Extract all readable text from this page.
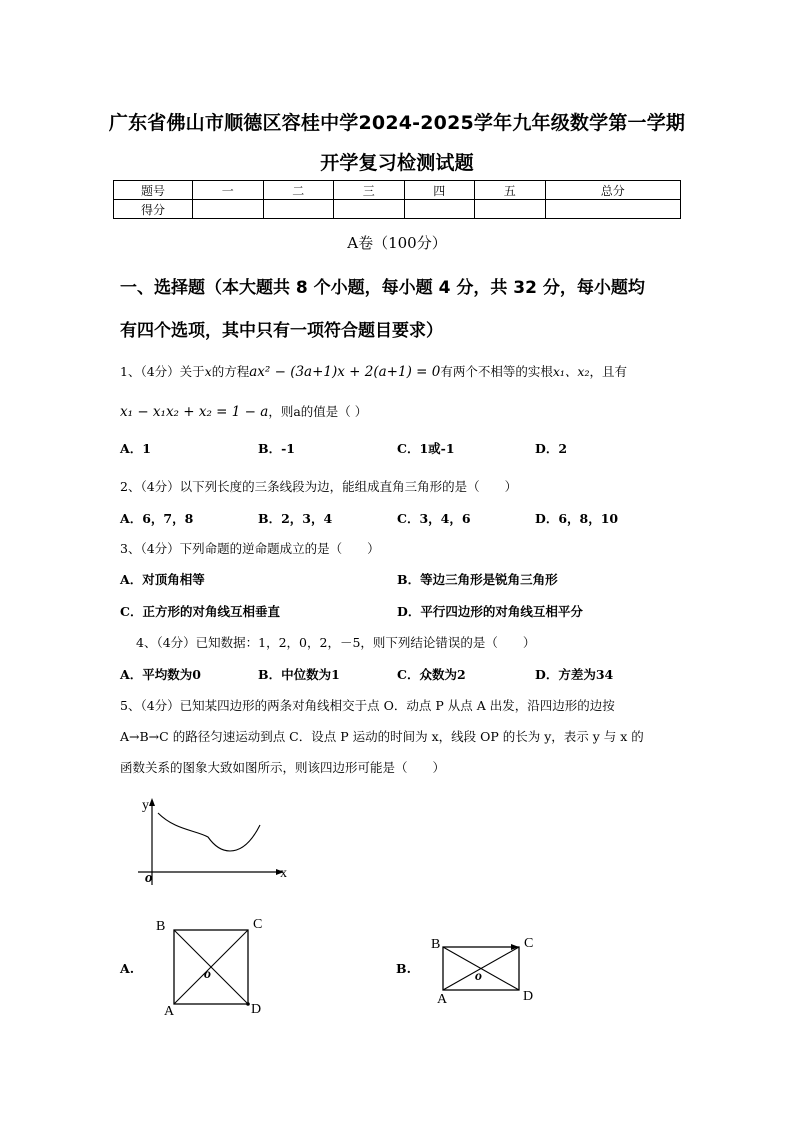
广东省佛山市顺德区容桂中学2024-2025学年九年级数学第一学期
开学复习检测试题
题号	一	二	三	四	五	总分
得分						
A卷（100分）
一、选择题（本大题共 8 个小题，每小题 4 分，共 32 分，每小题均
有四个选项，其中只有一项符合题目要求）
1、（4分）关于x的方程ax² − (3a+1)x + 2(a+1) = 0有两个不相等的实根x₁、x₂，且有
x₁ − x₁x₂ + x₂ = 1 − a，则a的值是（ ）
A．1	B．-1	C．1或-1	D．2
2、（4分）以下列长度的三条线段为边，能组成直角三角形的是（　　）
A．6，7，8	B．2，3，4	C．3，4，6	D．6，8，10
3、（4分）下列命题的逆命题成立的是（　　）
A．对顶角相等	B．等边三角形是锐角三角形
C．正方形的对角线互相垂直	D．平行四边形的对角线互相平分
4、（4分）已知数据：1，2，0，2，－5，则下列结论错误的是（　　）
A．平均数为0	B．中位数为1	C．众数为2	D．方差为34
5、（4分）已知某四边形的两条对角线相交于点 O．动点 P 从点 A 出发，沿四边形的边按
A→B→C 的路径匀速运动到点 C．设点 P 运动的时间为 x，线段 OP 的长为 y，表示 y 与 x 的
函数关系的图象大致如图所示，则该四边形可能是（　　）
y
x
o
A.
B	C
A	D
o	B.
B	C
A	D
o
